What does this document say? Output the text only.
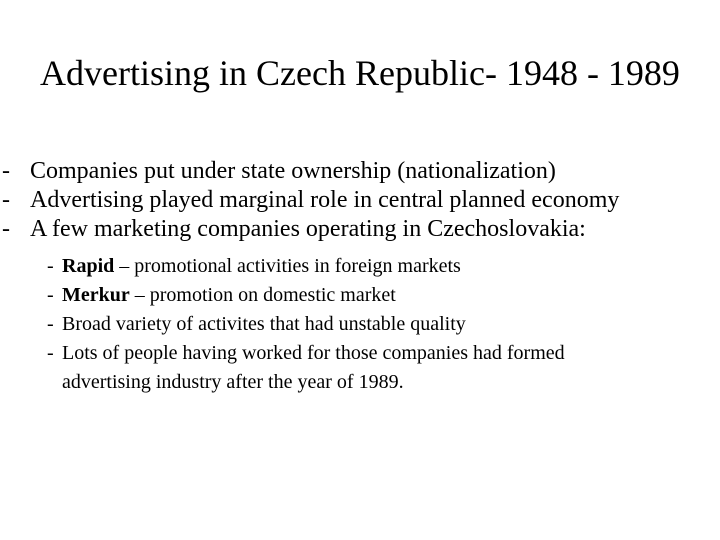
Advertising in Czech Republic- 1948 - 1989
- Companies put under state ownership (nationalization)
- Advertising played marginal role in central planned economy
- A few marketing companies operating in Czechoslovakia:
- Rapid – promotional activities in foreign markets
- Merkur – promotion on domestic market
- Broad variety of activites that had unstable quality
- Lots of people having worked for those companies had formed advertising industry after the year of 1989.
